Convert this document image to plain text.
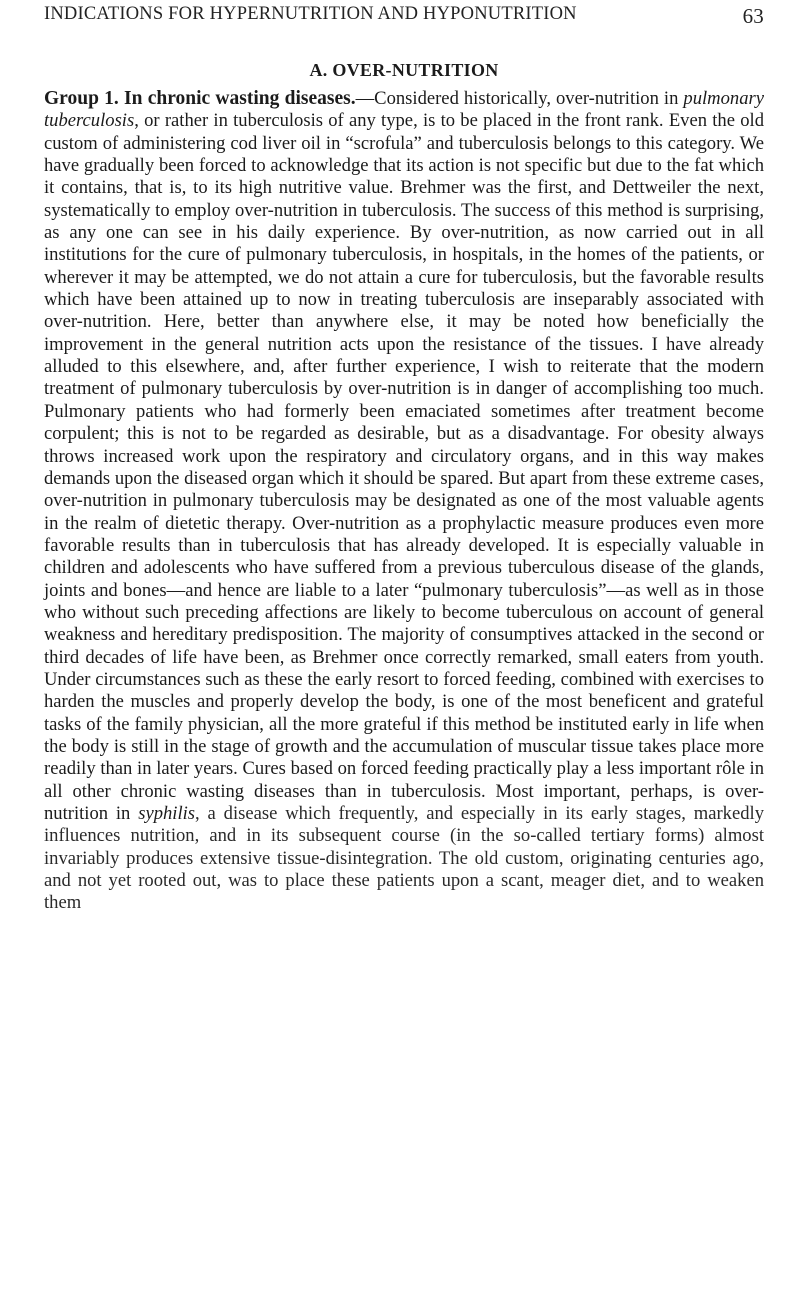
INDICATIONS FOR HYPERNUTRITION AND HYPONUTRITION	63
A. OVER-NUTRITION

Group 1. In chronic wasting diseases.—Considered historically, over-nutrition in pulmonary tuberculosis, or rather in tuberculosis of any type, is to be placed in the front rank. Even the old custom of administering cod liver oil in “scrofula” and tuberculosis belongs to this category. We have gradually been forced to acknowledge that its action is not specific but due to the fat which it contains, that is, to its high nutritive value. Brehmer was the first, and Dettweiler the next, systematically to employ over-nutrition in tuberculosis. The success of this method is surprising, as any one can see in his daily experience. By over-nutrition, as now carried out in all institutions for the cure of pulmonary tuberculosis, in hospitals, in the homes of the patients, or wherever it may be attempted, we do not attain a cure for tuberculosis, but the favorable results which have been attained up to now in treating tuberculosis are inseparably associated with over-nutrition. Here, better than anywhere else, it may be noted how beneficially the improvement in the general nutrition acts upon the resistance of the tissues. I have already alluded to this elsewhere, and, after further experience, I wish to reiterate that the modern treatment of pulmonary tuberculosis by over-nutrition is in danger of accomplishing too much. Pulmonary patients who had formerly been emaciated sometimes after treatment become corpulent; this is not to be regarded as desirable, but as a disadvantage. For obesity always throws increased work upon the respiratory and circulatory organs, and in this way makes demands upon the diseased organ which it should be spared. But apart from these extreme cases, over-nutrition in pulmonary tuberculosis may be designated as one of the most valuable agents in the realm of dietetic therapy. Over-nutrition as a prophylactic measure produces even more favorable results than in tuberculosis that has already developed. It is especially valuable in children and adolescents who have suffered from a previous tuberculous disease of the glands, joints and bones—and hence are liable to a later “pulmonary tuberculosis”—as well as in those who without such preceding affections are likely to become tuberculous on account of general weakness and hereditary predisposition. The majority of consumptives attacked in the second or third decades of life have been, as Brehmer once correctly remarked, small eaters from youth. Under circumstances such as these the early resort to forced feeding, combined with exercises to harden the muscles and properly develop the body, is one of the most beneficent and grateful tasks of the family physician, all the more grateful if this method be instituted early in life when the body is still in the stage of growth and the accumulation of muscular tissue takes place more readily than in later years. Cures based on forced feeding practically play a less important rôle in all other chronic wasting diseases than in tuberculosis. Most important, perhaps, is over-nutrition in syphilis, a disease which frequently, and especially in its early stages, markedly influences nutrition, and in its subsequent course (in the so-called tertiary forms) almost invariably produces extensive tissue-disintegration. The old custom, originating centuries ago, and not yet rooted out, was to place these patients upon a scant, meager diet, and to weaken them
